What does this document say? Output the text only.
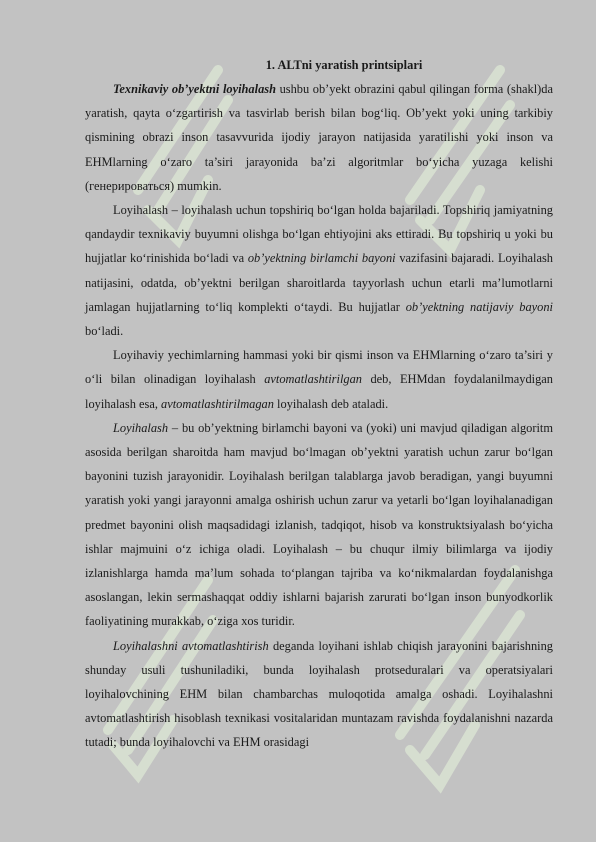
1. ALTni yaratish printsiplari

Texnikaviy ob’yektni loyihalash ushbu ob’yekt obrazini qabul qilingan forma (shakl)da yaratish, qayta o‘zgartirish va tasvirlab berish bilan bog‘liq. Ob’yekt yoki uning tarkibiy qismining obrazi inson tasavvurida ijodiy jarayon natijasida yaratilishi yoki inson va EHMlarning o‘zaro ta’siri jarayonida ba’zi algoritmlar bo‘yicha yuzaga kelishi (генерироваться) mumkin.

Loyihalash – loyihalash uchun topshiriq bo‘lgan holda bajariladi. Topshiriq jamiyatning qandaydir texnikaviy buyumni olishga bo‘lgan ehtiyojini aks ettiradi. Bu topshiriq u yoki bu hujjatlar ko‘rinishida bo‘ladi va ob’yektning birlamchi bayoni vazifasini bajaradi. Loyihalash natijasini, odatda, ob’yektni berilgan sharoitlarda tayyorlash uchun etarli ma’lumotlarni jamlagan hujjatlarning to‘liq komplekti o‘taydi. Bu hujjatlar ob’yektning natijaviy bayoni bo‘ladi.

Loyihaviy yechimlarning hammasi yoki bir qismi inson va EHMlarning o‘zaro ta’siri y o‘li bilan olinadigan loyihalash avtomatlashtirilgan deb, EHMdan foydalanilmaydigan loyihalash esa, avtomatlashtirilmagan loyihalash deb ataladi.

Loyihalash – bu ob’yektning birlamchi bayoni va (yoki) uni mavjud qiladigan algoritm asosida berilgan sharoitda ham mavjud bo‘lmagan ob’yektni yaratish uchun zarur bo‘lgan bayonini tuzish jarayonidir. Loyihalash berilgan talablarga javob beradigan, yangi buyumni yaratish yoki yangi jarayonni amalga oshirish uchun zarur va yetarli bo‘lgan loyihalanadigan predmet bayonini olish maqsadidagi izlanish, tadqiqot, hisob va konstruktsiyalash bo‘yicha ishlar majmuini o‘z ichiga oladi. Loyihalash – bu chuqur ilmiy bilimlarga va ijodiy izlanishlarga hamda ma’lum sohada to‘plangan tajriba va ko‘nikmalardan foydalanishga asoslangan, lekin sermashaqqat oddiy ishlarni bajarish zarurati bo‘lgan inson bunyodkorlik faoliyatining murakkab, o‘ziga xos turidir.

Loyihalashni avtomatlashtirish deganda loyihani ishlab chiqish jarayonini bajarishning shunday usuli tushuniladiki, bunda loyihalash protseduralari va operatsiyalari loyihalovchining EHM bilan chambarchas muloqotida amalga oshadi. Loyihalashni avtomatlashtirish hisoblash texnikasi vositalaridan muntazam ravishda foydalanishni nazarda tutadi; bunda loyihalovchi va EHM orasidagi
